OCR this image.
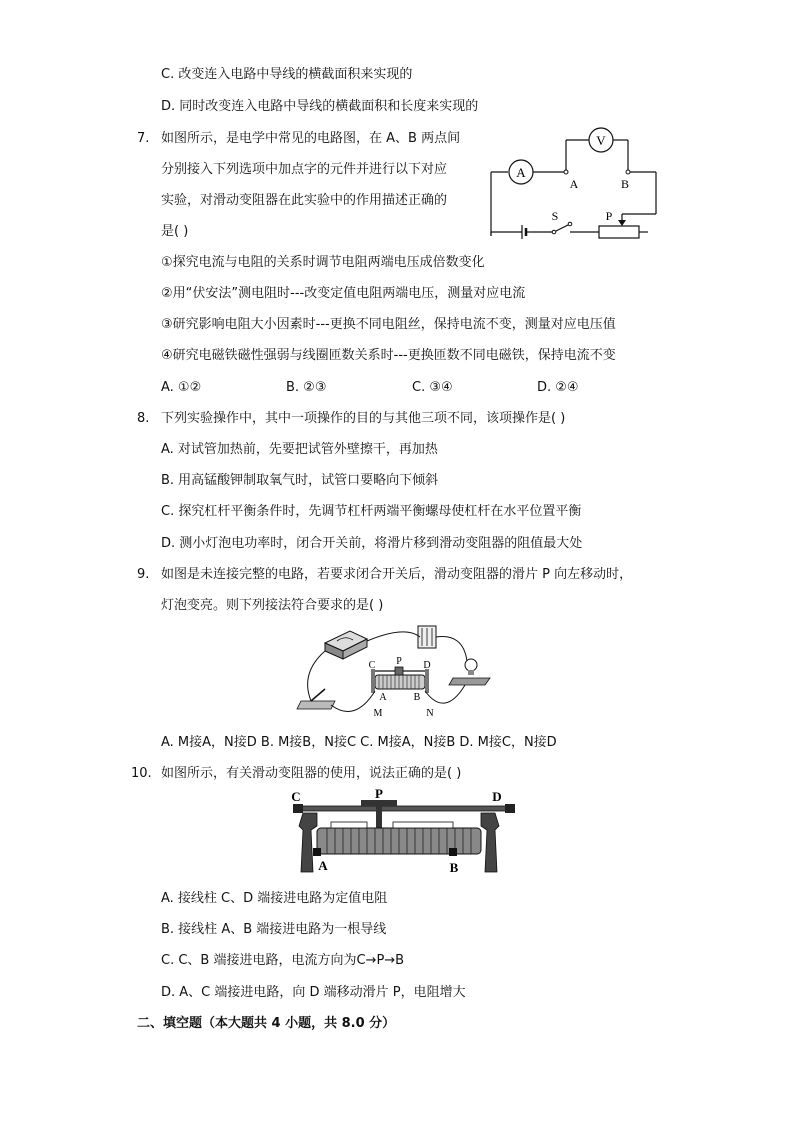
C. 改变连入电路中导线的横截面积来实现的
D. 同时改变连入电路中导线的横截面积和长度来实现的
7. 如图所示，是电学中常见的电路图，在 A、B 两点间
分别接入下列选项中加点字的元件并进行以下对应
实验，对滑动变阻器在此实验中的作用描述正确的
是( )
A
V
A	B
S	P
①探究电流与电阻的关系时调节电阻两端电压成倍数变化
②用“伏安法”测电阻时---改变定值电阻两端电压，测量对应电流
③研究影响电阻大小因素时---更换不同电阻丝，保持电流不变，测量对应电压值
④研究电磁铁磁性强弱与线圈匝数关系时---更换匝数不同电磁铁，保持电流不变
A. ①②	B. ②③	C. ③④	D. ②④
8. 下列实验操作中，其中一项操作的目的与其他三项不同，该项操作是( )
A. 对试管加热前，先要把试管外壁擦干，再加热
B. 用高锰酸钾制取氧气时，试管口要略向下倾斜
C. 探究杠杆平衡条件时，先调节杠杆两端平衡螺母使杠杆在水平位置平衡
D. 测小灯泡电功率时，闭合开关前，将滑片移到滑动变阻器的阻值最大处
9. 如图是未连接完整的电路，若要求闭合开关后，滑动变阻器的滑片 P 向左移动时，
灯泡变亮。则下列接法符合要求的是( )
C P D
A	B
M	N
A. M接A，N接D B. M接B，N接C C. M接A，N接B D. M接C，N接D
10. 如图所示，有关滑动变阻器的使用，说法正确的是( )
C	P	D
A	B
A. 接线柱 C、D 端接进电路为定值电阻
B. 接线柱 A、B 端接进电路为一根导线
C. C、B 端接进电路，电流方向为C→P→B
D. A、C 端接进电路，向 D 端移动滑片 P，电阻增大
二、填空题（本大题共 4 小题，共 8.0 分）
